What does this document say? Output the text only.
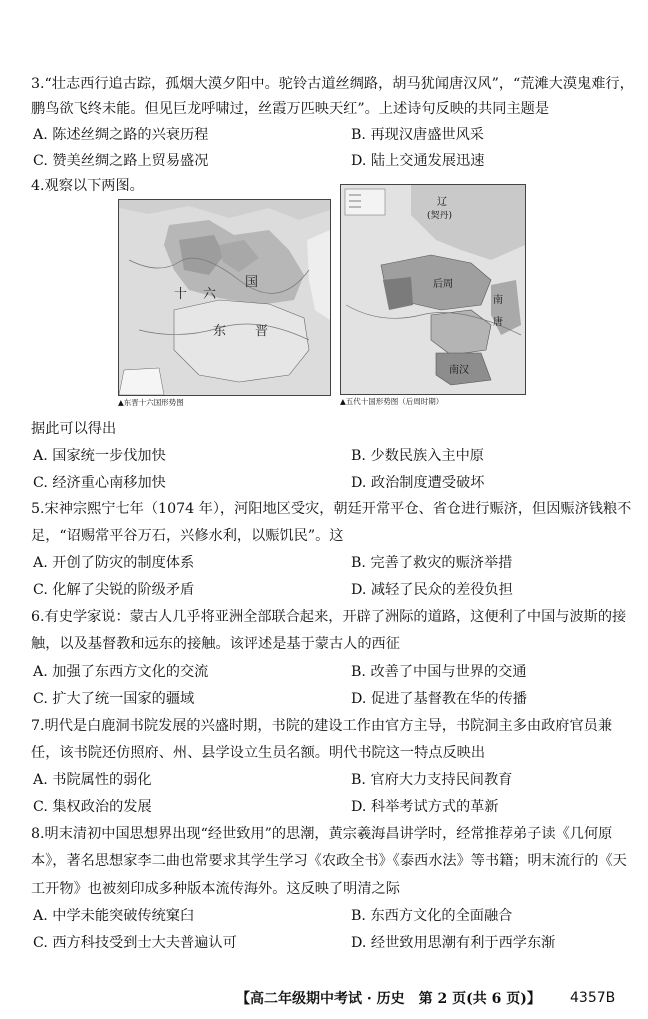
3.“壮志西行追古踪，孤烟大漠夕阳中。驼铃古道丝绸路，胡马犹闻唐汉风”，“荒滩大漠鬼难行，
鹏鸟欲飞终未能。但见巨龙呼啸过，丝霞万匹映天红”。上述诗句反映的共同主题是
A. 陈述丝绸之路的兴衰历程	B. 再现汉唐盛世风采
C. 赞美丝绸之路上贸易盛况	D. 陆上交通发展迅速
4.观察以下两图。
十 六
国
东 晋
▲东晋十六国形势图
辽
(契丹)
后周
南
唐
南汉
▲五代十国形势图（后周时期）
据此可以得出
A. 国家统一步伐加快	B. 少数民族入主中原
C. 经济重心南移加快	D. 政治制度遭受破坏
5.宋神宗熙宁七年（1074 年），河阳地区受灾，朝廷开常平仓、省仓进行赈济，但因赈济钱粮不
足，“诏赐常平谷万石，兴修水利，以赈饥民”。这
A. 开创了防灾的制度体系	B. 完善了救灾的赈济举措
C. 化解了尖锐的阶级矛盾	D. 减轻了民众的差役负担
6.有史学家说：蒙古人几乎将亚洲全部联合起来，开辟了洲际的道路，这便利了中国与波斯的接
触，以及基督教和远东的接触。该评述是基于蒙古人的西征
A. 加强了东西方文化的交流	B. 改善了中国与世界的交通
C. 扩大了统一国家的疆域	D. 促进了基督教在华的传播
7.明代是白鹿洞书院发展的兴盛时期，书院的建设工作由官方主导，书院洞主多由政府官员兼
任，该书院还仿照府、州、县学设立生员名额。明代书院这一特点反映出
A. 书院属性的弱化	B. 官府大力支持民间教育
C. 集权政治的发展	D. 科举考试方式的革新
8.明末清初中国思想界出现“经世致用”的思潮，黄宗羲海昌讲学时，经常推荐弟子读《几何原
本》，著名思想家李二曲也常要求其学生学习《农政全书》《泰西水法》等书籍；明末流行的《天
工开物》也被刻印成多种版本流传海外。这反映了明清之际
A. 中学未能突破传统窠臼	B. 东西方文化的全面融合
C. 西方科技受到士大夫普遍认可	D. 经世致用思潮有利于西学东渐
【高二年级期中考试 · 历史　第 2 页(共 6 页)】 4357B
